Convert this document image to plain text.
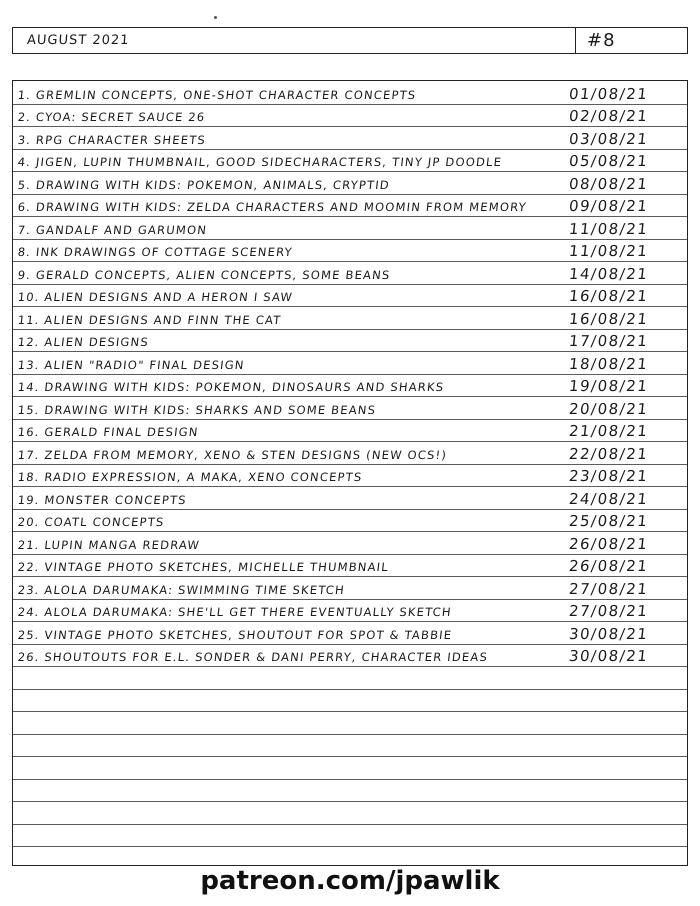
AUGUST 2021	#8
1. GREMLIN CONCEPTS, ONE-SHOT CHARACTER CONCEPTS	01/08/21
2. CYOA: SECRET SAUCE 26	02/08/21
3. RPG CHARACTER SHEETS	03/08/21
4. JIGEN, LUPIN THUMBNAIL, GOOD SIDECHARACTERS, TINY JP DOODLE	05/08/21
5. DRAWING WITH KIDS: POKEMON, ANIMALS, CRYPTID	08/08/21
6. DRAWING WITH KIDS: ZELDA CHARACTERS AND MOOMIN FROM MEMORY	09/08/21
7. GANDALF AND GARUMON	11/08/21
8. INK DRAWINGS OF COTTAGE SCENERY	11/08/21
9. GERALD CONCEPTS, ALIEN CONCEPTS, SOME BEANS	14/08/21
10. ALIEN DESIGNS AND A HERON I SAW	16/08/21
11. ALIEN DESIGNS AND FINN THE CAT	16/08/21
12. ALIEN DESIGNS	17/08/21
13. ALIEN "RADIO" FINAL DESIGN	18/08/21
14. DRAWING WITH KIDS: POKEMON, DINOSAURS AND SHARKS	19/08/21
15. DRAWING WITH KIDS: SHARKS AND SOME BEANS	20/08/21
16. GERALD FINAL DESIGN	21/08/21
17. ZELDA FROM MEMORY, XENO & STEN DESIGNS (NEW OCS!)	22/08/21
18. RADIO EXPRESSION, A MAKA, XENO CONCEPTS	23/08/21
19. MONSTER CONCEPTS	24/08/21
20. COATL CONCEPTS	25/08/21
21. LUPIN MANGA REDRAW	26/08/21
22. VINTAGE PHOTO SKETCHES, MICHELLE THUMBNAIL	26/08/21
23. ALOLA DARUMAKA: SWIMMING TIME SKETCH	27/08/21
24. ALOLA DARUMAKA: SHE'LL GET THERE EVENTUALLY SKETCH	27/08/21
25. VINTAGE PHOTO SKETCHES, SHOUTOUT FOR SPOT & TABBIE	30/08/21
26. SHOUTOUTS FOR E.L. SONDER & DANI PERRY, CHARACTER IDEAS	30/08/21
patreon.com/jpawlik
